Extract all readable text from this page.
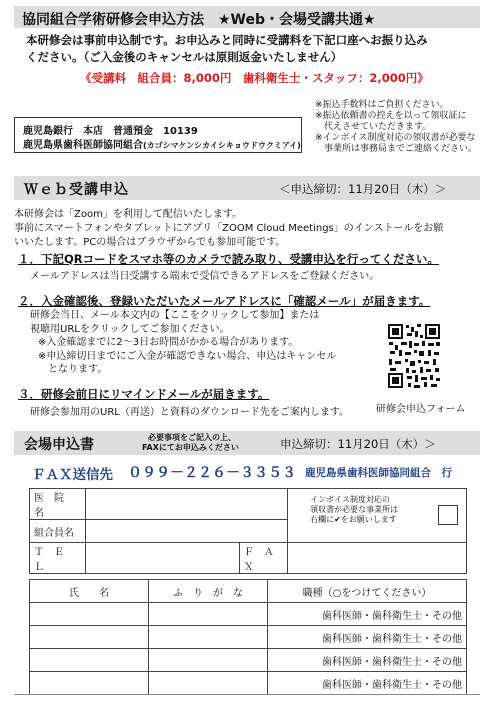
協同組合学術研修会申込方法　★Web・会場受講共通★
本研修会は事前申込制です。お申込みと同時に受講料を下記口座へお振り込み
ください。（ご入金後のキャンセルは原則返金いたしません）
《受講料　組合員：8,000円　歯科衛生士・スタッフ：2,000円》
※振込手数料はご負担ください。
※振込依頼書の控えを以って領収証に
　代えさせていただきます。
※インボイス制度対応の領収書が必要な
　事業所は事務局までご連絡ください。
鹿児島銀行　本店　普通預金　10139
鹿児島県歯科医師協同組合(カゴシマケンシカイシキョウドウクミアイ)
Ｗｅｂ受講申込	＜申込締切：11月20日（木）＞
本研修会は「Zoom」を利用して配信いたします。
事前にスマートフォンやタブレットにアプリ「ZOOM Cloud Meetings」のインストールをお願
いいたします。PCの場合はブラウザからでも参加可能です。
１．下記QRコードをスマホ等のカメラで読み取り、受講申込を行ってください。
メールアドレスは当日受講する端末で受信できるアドレスをご登録ください。
２．入金確認後、登録いただいたメールアドレスに「確認メール」が届きます。
研修会当日、メール本文内の【ここをクリックして参加】または
視聴用URLをクリックしてご参加ください。
※入金確認までに2～3日お時間がかかる場合があります。
※申込締切日までにご入金が確認できない場合、申込はキャンセル
　となります。
３．研修会前日にリマインドメールが届きます。
研修会参加用のURL（再送）と資料のダウンロード先をご案内します。	研修会申込フォーム
会場申込書	必要事項をご記入の上、
FAXにてお申込みください	申込締切：11月20日（木）＞
ＦＡＸ送信先 ０９９－２２６－３３５３ 鹿児島県歯科医師協同組合　行
医　院　名			インボイス制度対応の
領収書が必要な事業所は
右欄に✔をお願いします

組合員名			
Ｔ　Ｅ　Ｌ		Ｆ　Ａ　Ｘ	
氏　　名	ふ　り　が　な	職種（○をつけてください）
		歯科医師・歯科衛生士・その他
		歯科医師・歯科衛生士・その他
		歯科医師・歯科衛生士・その他
		歯科医師・歯科衛生士・その他
